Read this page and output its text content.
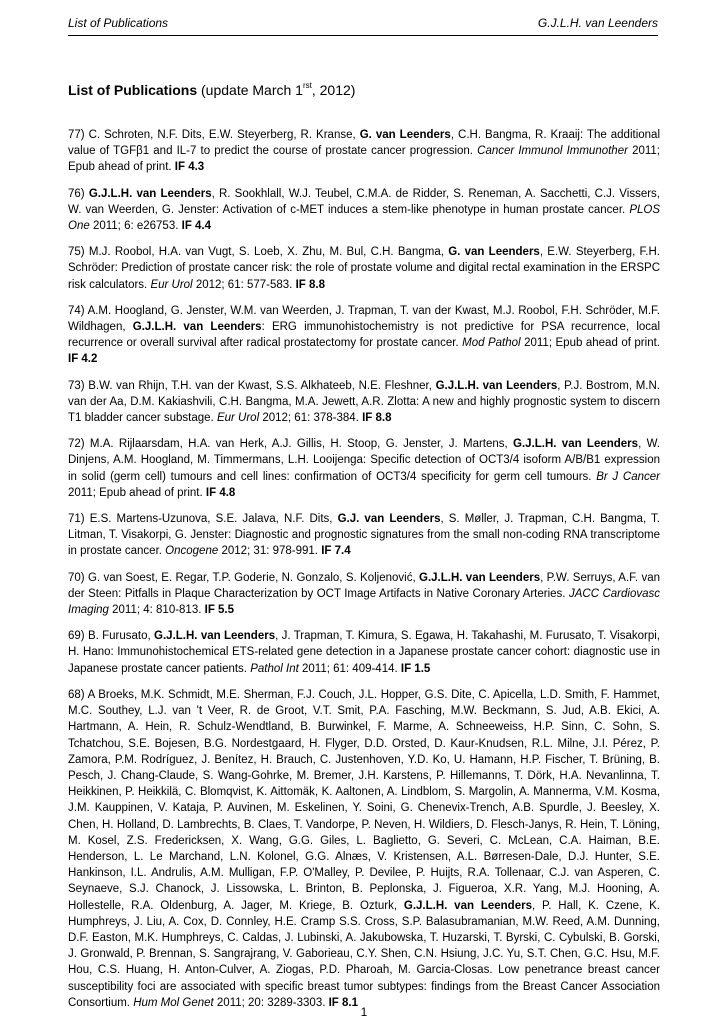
List of Publications	G.J.L.H. van Leenders
List of Publications (update March $1^{rst}$, 2012)

77) C. Schroten, N.F. Dits, E.W. Steyerberg, R. Kranse, G. van Leenders, C.H. Bangma, R. Kraaij: The additional value of TGFβ1 and IL-7 to predict the course of prostate cancer progression. Cancer Immunol Immunother 2011; Epub ahead of print. IF 4.3

76) G.J.L.H. van Leenders, R. Sookhlall, W.J. Teubel, C.M.A. de Ridder, S. Reneman, A. Sacchetti, C.J. Vissers, W. van Weerden, G. Jenster: Activation of c-MET induces a stem-like phenotype in human prostate cancer. PLOS One 2011; 6: e26753. IF 4.4

75) M.J. Roobol, H.A. van Vugt, S. Loeb, X. Zhu, M. Bul, C.H. Bangma, G. van Leenders, E.W. Steyerberg, F.H. Schröder: Prediction of prostate cancer risk: the role of prostate volume and digital rectal examination in the ERSPC risk calculators. Eur Urol 2012; 61: 577-583. IF 8.8

74) A.M. Hoogland, G. Jenster, W.M. van Weerden, J. Trapman, T. van der Kwast, M.J. Roobol, F.H. Schröder, M.F. Wildhagen, G.J.L.H. van Leenders: ERG immunohistochemistry is not predictive for PSA recurrence, local recurrence or overall survival after radical prostatectomy for prostate cancer. Mod Pathol 2011; Epub ahead of print. IF 4.2

73) B.W. van Rhijn, T.H. van der Kwast, S.S. Alkhateeb, N.E. Fleshner, G.J.L.H. van Leenders, P.J. Bostrom, M.N. van der Aa, D.M. Kakiashvili, C.H. Bangma, M.A. Jewett, A.R. Zlotta: A new and highly prognostic system to discern T1 bladder cancer substage. Eur Urol 2012; 61: 378-384. IF 8.8

72) M.A. Rijlaarsdam, H.A. van Herk, A.J. Gillis, H. Stoop, G. Jenster, J. Martens, G.J.L.H. van Leenders, W. Dinjens, A.M. Hoogland, M. Timmermans, L.H. Looijenga: Specific detection of OCT3/4 isoform A/B/B1 expression in solid (germ cell) tumours and cell lines: confirmation of OCT3/4 specificity for germ cell tumours. Br J Cancer 2011; Epub ahead of print. IF 4.8

71) E.S. Martens-Uzunova, S.E. Jalava, N.F. Dits, G.J. van Leenders, S. Møller, J. Trapman, C.H. Bangma, T. Litman, T. Visakorpi, G. Jenster: Diagnostic and prognostic signatures from the small non-coding RNA transcriptome in prostate cancer. Oncogene 2012; 31: 978-991. IF 7.4

70) G. van Soest, E. Regar, T.P. Goderie, N. Gonzalo, S. Koljenović, G.J.L.H. van Leenders, P.W. Serruys, A.F. van der Steen: Pitfalls in Plaque Characterization by OCT Image Artifacts in Native Coronary Arteries. JACC Cardiovasc Imaging 2011; 4: 810-813. IF 5.5

69) B. Furusato, G.J.L.H. van Leenders, J. Trapman, T. Kimura, S. Egawa, H. Takahashi, M. Furusato, T. Visakorpi, H. Hano: Immunohistochemical ETS-related gene detection in a Japanese prostate cancer cohort: diagnostic use in Japanese prostate cancer patients. Pathol Int 2011; 61: 409-414. IF 1.5

68) A Broeks, M.K. Schmidt, M.E. Sherman, F.J. Couch, J.L. Hopper, G.S. Dite, C. Apicella, L.D. Smith, F. Hammet, M.C. Southey, L.J. van 't Veer, R. de Groot, V.T. Smit, P.A. Fasching, M.W. Beckmann, S. Jud, A.B. Ekici, A. Hartmann, A. Hein, R. Schulz-Wendtland, B. Burwinkel, F. Marme, A. Schneeweiss, H.P. Sinn, C. Sohn, S. Tchatchou, S.E. Bojesen, B.G. Nordestgaard, H. Flyger, D.D. Orsted, D. Kaur-Knudsen, R.L. Milne, J.I. Pérez, P. Zamora, P.M. Rodríguez, J. Benítez, H. Brauch, C. Justenhoven, Y.D. Ko, U. Hamann, H.P. Fischer, T. Brüning, B. Pesch, J. Chang-Claude, S. Wang-Gohrke, M. Bremer, J.H. Karstens, P. Hillemanns, T. Dörk, H.A. Nevanlinna, T. Heikkinen, P. Heikkilä, C. Blomqvist, K. Aittomäk, K. Aaltonen, A. Lindblom, S. Margolin, A. Mannerma, V.M. Kosma, J.M. Kauppinen, V. Kataja, P. Auvinen, M. Eskelinen, Y. Soini, G. Chenevix-Trench, A.B. Spurdle, J. Beesley, X. Chen, H. Holland, D. Lambrechts, B. Claes, T. Vandorpe, P. Neven, H. Wildiers, D. Flesch-Janys, R. Hein, T. Löning, M. Kosel, Z.S. Fredericksen, X. Wang, G.G. Giles, L. Baglietto, G. Severi, C. McLean, C.A. Haiman, B.E. Henderson, L. Le Marchand, L.N. Kolonel, G.G. Alnæs, V. Kristensen, A.L. Børresen-Dale, D.J. Hunter, S.E. Hankinson, I.L. Andrulis, A.M. Mulligan, F.P. O'Malley, P. Devilee, P. Huijts, R.A. Tollenaar, C.J. van Asperen, C. Seynaeve, S.J. Chanock, J. Lissowska, L. Brinton, B. Peplonska, J. Figueroa, X.R. Yang, M.J. Hooning, A. Hollestelle, R.A. Oldenburg, A. Jager, M. Kriege, B. Ozturk, G.J.L.H. van Leenders, P. Hall, K. Czene, K. Humphreys, J. Liu, A. Cox, D. Connley, H.E. Cramp S.S. Cross, S.P. Balasubramanian, M.W. Reed, A.M. Dunning, D.F. Easton, M.K. Humphreys, C. Caldas, J. Lubinski, A. Jakubowska, T. Huzarski, T. Byrski, C. Cybulski, B. Gorski, J. Gronwald, P. Brennan, S. Sangrajrang, V. Gaborieau, C.Y. Shen, C.N. Hsiung, J.C. Yu, S.T. Chen, G.C. Hsu, M.F. Hou, C.S. Huang, H. Anton-Culver, A. Ziogas, P.D. Pharoah, M. Garcia-Closas. Low penetrance breast cancer susceptibility foci are associated with specific breast tumor subtypes: findings from the Breast Cancer Association Consortium. Hum Mol Genet 2011; 20: 3289-3303. IF 8.1

1
